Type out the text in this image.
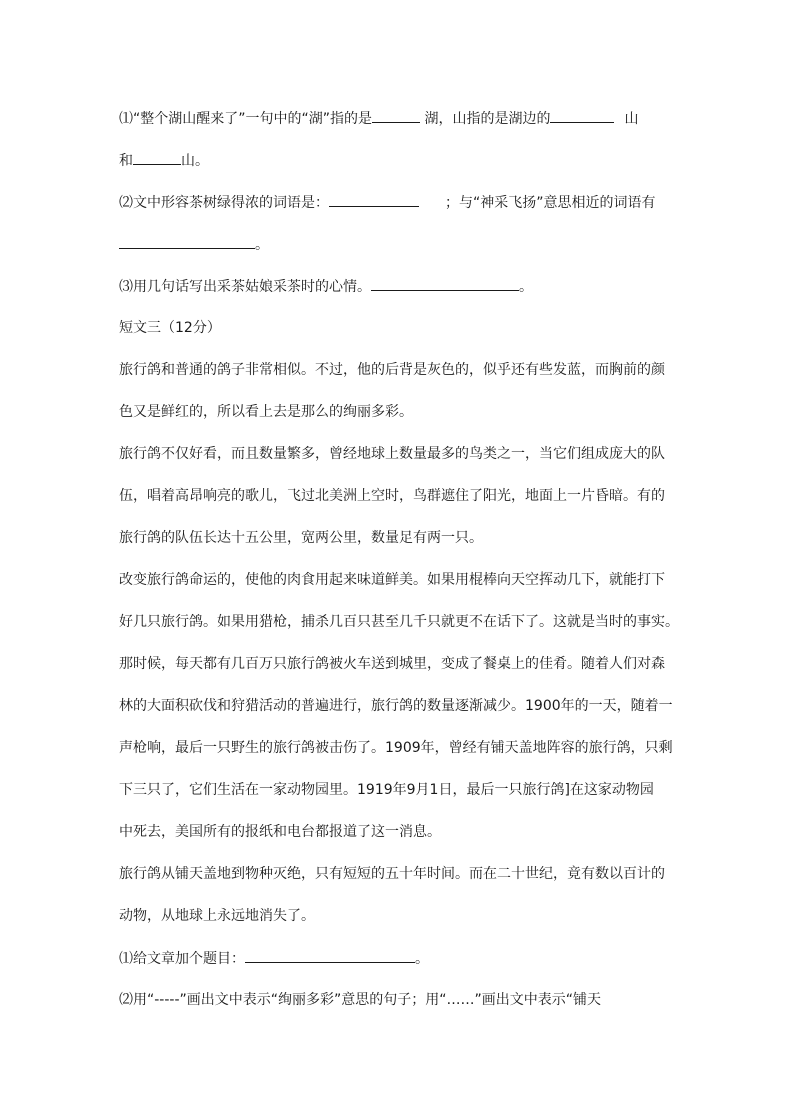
⑴“整个湖山醒来了”一句中的“湖”指的是	湖，山指的是湖边的	山
和	山。
⑵文中形容茶树绿得浓的词语是：	；与“神采飞扬”意思相近的词语有
。
⑶用几句话写出采茶姑娘采茶时的心情。	。
短文三（12分）
旅行鸽和普通的鸽子非常相似。不过，他的后背是灰色的，似乎还有些发蓝，而胸前的颜
色又是鲜红的，所以看上去是那么的绚丽多彩。
旅行鸽不仅好看，而且数量繁多，曾经地球上数量最多的鸟类之一，当它们组成庞大的队
伍，唱着高昂响亮的歌儿，飞过北美洲上空时，鸟群遮住了阳光，地面上一片昏暗。有的
旅行鸽的队伍长达十五公里，宽两公里，数量足有两一只。
改变旅行鸽命运的，使他的肉食用起来味道鲜美。如果用棍棒向天空挥动几下，就能打下
好几只旅行鸽。如果用猎枪，捕杀几百只甚至几千只就更不在话下了。这就是当时的事实。
那时候，每天都有几百万只旅行鸽被火车送到城里，变成了餐桌上的佳肴。随着人们对森
林的大面积砍伐和狩猎活动的普遍进行，旅行鸽的数量逐渐减少。1900年的一天，随着一
声枪响，最后一只野生的旅行鸽被击伤了。1909年，曾经有铺天盖地阵容的旅行鸽，只剩
下三只了，它们生活在一家动物园里。1919年9月1日，最后一只旅行鸽]在这家动物园
中死去，美国所有的报纸和电台都报道了这一消息。
旅行鸽从铺天盖地到物种灭绝，只有短短的五十年时间。而在二十世纪，竟有数以百计的
动物，从地球上永远地消失了。
⑴给文章加个题目：	。
⑵用“-----”画出文中表示“绚丽多彩”意思的句子；用“……”画出文中表示“铺天
